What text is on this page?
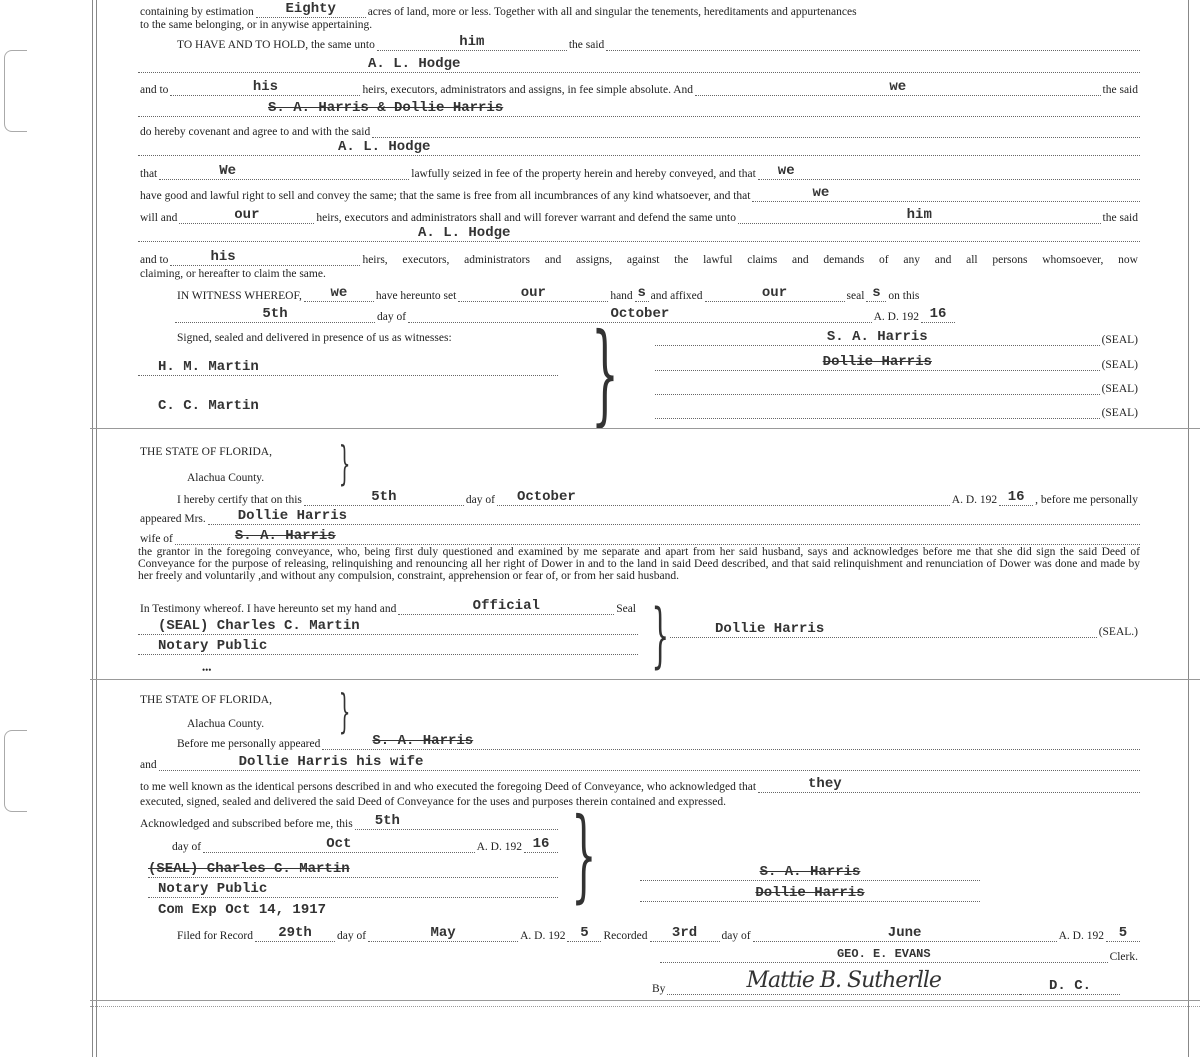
containing by estimation	Eighty	acres of land, more or less. Together with all and singular the tenements, hereditaments and appurtenances
to the same belonging, or in anywise appertaining.
TO HAVE AND TO HOLD, the same unto	him	the said
A. L. Hodge
and to	his	heirs, executors, administrators and assigns, in fee simple absolute. And	we	the said
S. A. Harris & Dollie Harris
do hereby covenant and agree to and with the said
A. L. Hodge
that	We	lawfully seized in fee of the property herein and hereby conveyed, and that	we
have good and lawful right to sell and convey the same; that the same is free from all incumbrances of any kind whatsoever, and that	we
will and	our	heirs, executors and administrators shall and will forever warrant and defend the same unto	him	the said
A. L. Hodge
and to	his	heirs, executors, administrators and assigns, against the lawful claims and demands of any and all persons whomsoever, now
claiming, or hereafter to claim the same.
IN WITNESS WHEREOF,	we	have hereunto set	our	hand s and affixed	our	seal s on this
5th	day of	October	A. D. 192 16
Signed, sealed and delivered in presence of us as witnesses:
H. M. Martin
C. C. Martin	}	S. A. Harris	(SEAL)
Dollie Harris	(SEAL)
(SEAL)
(SEAL)
THE STATE OF FLORIDA,
Alachua County. }
I hereby certify that on this	5th	day of	October	A. D. 192 16 , before me personally
appeared Mrs.	Dollie Harris
wife of	S. A. Harris
the grantor in the foregoing conveyance, who, being first duly questioned and examined by me separate and apart from her said husband, says and acknowledges before me that she did sign the said Deed of Conveyance for the purpose of releasing, relinquishing and renouncing all her right of Dower in and to the land in said Deed described, and that said relinquishment and renunciation of Dower was done and made by her freely and voluntarily ,and without any compulsion, constraint, apprehension or fear of, or from her said husband.
In Testimony whereof. I have hereunto set my hand and	Official	Seal
(SEAL) Charles C. Martin
Notary Public
•••	}	Dollie Harris	(SEAL.)
THE STATE OF FLORIDA,
Alachua County. }
Before me personally appeared	S. A. Harris
and	Dollie Harris his wife
to me well known as the identical persons described in and who executed the foregoing Deed of Conveyance, who acknowledged that	they
executed, signed, sealed and delivered the said Deed of Conveyance for the uses and purposes therein contained and expressed.
Acknowledged and subscribed before me, this	5th
day of	Oct	A. D. 192 16
(SEAL) Charles C. Martin
Notary Public
Com Exp Oct 14, 1917	}	S. A. Harris
Dollie Harris
Filed for Record	29th	day of	May	A. D. 192	5	Recorded	3rd	day of	June	A. D. 192	5
GEO. E. EVANS	Clerk.
By	Mattie B. Sutherlle	D. C.
